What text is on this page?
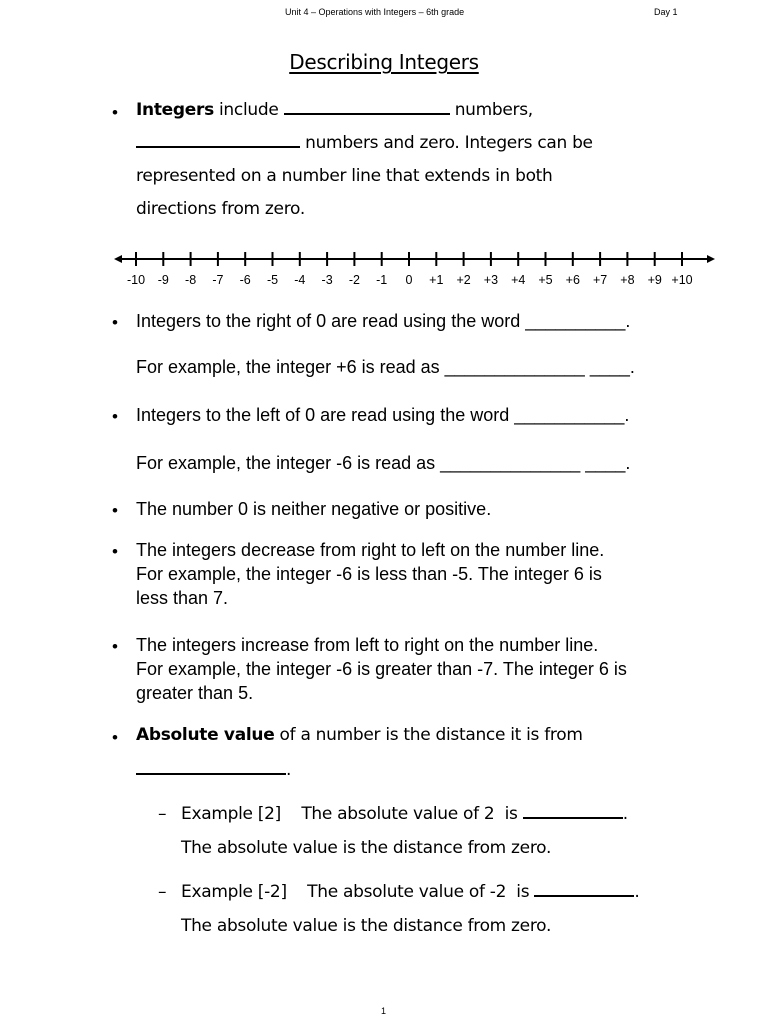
Unit 4 – Operations with Integers – 6th grade	Day 1
Describing Integers
• Integers include	numbers,
numbers and zero. Integers can be
represented on a number line that extends in both
directions from zero.
-10 -9 -8 -7 -6 -5 -4 -3 -2 -1 0 +1 +2 +3 +4 +5 +6 +7 +8 +9 +10
• Integers to the right of 0 are read using the word __________.
For example, the integer +6 is read as ______________ ____.
• Integers to the left of 0 are read using the word ___________.
For example, the integer -6 is read as ______________ ____.
• The number 0 is neither negative or positive.
• The integers decrease from right to left on the number line.
For example, the integer -6 is less than -5. The integer 6 is
less than 7.
• The integers increase from left to right on the number line.
For example, the integer -6 is greater than -7. The integer 6 is
greater than 5.
• Absolute value of a number is the distance it is from
.
– Example [2]    The absolute value of 2  is	.
The absolute value is the distance from zero.
– Example [-2]    The absolute value of -2  is	.
The absolute value is the distance from zero.
1
